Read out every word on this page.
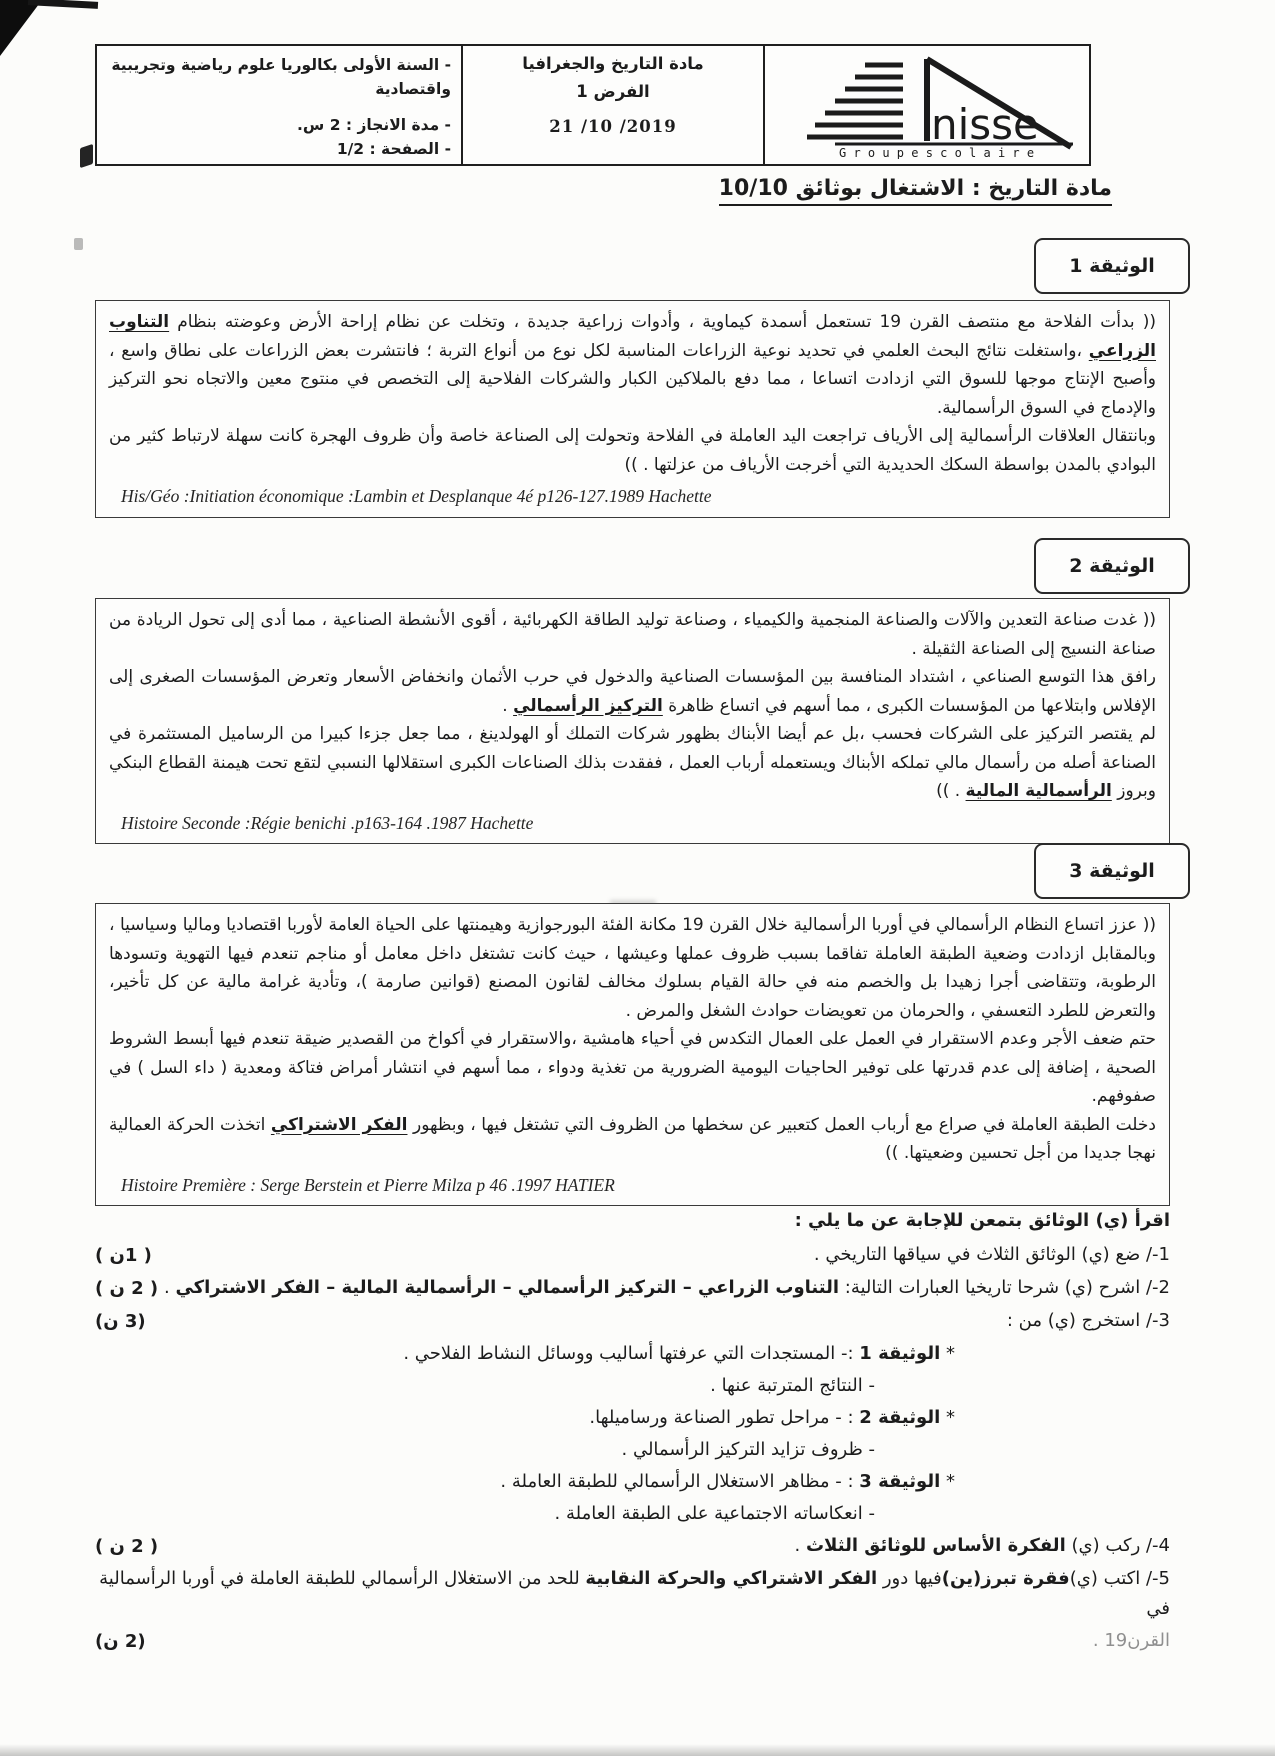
- السنة الأولى بكالوريا علوم رياضية وتجريبية واقتصادية
- مدة الانجاز : 2 س.
- الصفحة : 1/2
مادة التاريخ والجغرافيا
الفرض 1
2019/ 10/ 21	nisse
G r o u p e s c o l a i r e
مادة التاريخ : الاشتغال بوثائق 10/10
الوثيقة 1
(( بدأت الفلاحة مع منتصف القرن 19 تستعمل أسمدة كيماوية ، وأدوات زراعية جديدة ، وتخلت عن نظام إراحة الأرض وعوضته بنظام التناوب الزراعي ،واستغلت نتائج البحث العلمي في تحديد نوعية الزراعات المناسبة لكل نوع من أنواع التربة ؛ فانتشرت بعض الزراعات على نطاق واسع ، وأصبح الإنتاج موجها للسوق التي ازدادت اتساعا ، مما دفع بالملاكين الكبار والشركات الفلاحية إلى التخصص في منتوج معين والاتجاه نحو التركيز والإدماج في السوق الرأسمالية.
وبانتقال العلاقات الرأسمالية إلى الأرياف تراجعت اليد العاملة في الفلاحة وتحولت إلى الصناعة خاصة وأن ظروف الهجرة كانت سهلة لارتباط كثير من البوادي بالمدن بواسطة السكك الحديدية التي أخرجت الأرياف من عزلتها . ))
His/Géo :Initiation économique :Lambin et Desplanque 4é p126-127.1989 Hachette
الوثيقة 2
(( غدت صناعة التعدين والآلات والصناعة المنجمية والكيمياء ، وصناعة توليد الطاقة الكهربائية ، أقوى الأنشطة الصناعية ، مما أدى إلى تحول الريادة من صناعة النسيج إلى الصناعة الثقيلة .
رافق هذا التوسع الصناعي ، اشتداد المنافسة بين المؤسسات الصناعية والدخول في حرب الأثمان وانخفاض الأسعار وتعرض المؤسسات الصغرى إلى الإفلاس وابتلاعها من المؤسسات الكبرى ، مما أسهم في اتساع ظاهرة التركيز الرأسمالي .
لم يقتصر التركيز على الشركات فحسب ،بل عم أيضا الأبناك بظهور شركات التملك أو الهولدينغ ، مما جعل جزءا كبيرا من الرساميل المستثمرة في الصناعة أصله من رأسمال مالي تملكه الأبناك ويستعمله أرباب العمل ، ففقدت بذلك الصناعات الكبرى استقلالها النسبي لتقع تحت هيمنة القطاع البنكي وبروز الرأسمالية المالية . ))
Histoire Seconde :Régie benichi .p163-164 .1987 Hachette
الوثيقة 3
(( عزز اتساع النظام الرأسمالي في أوربا الرأسمالية خلال القرن 19 مكانة الفئة البورجوازية وهيمنتها على الحياة العامة لأوربا اقتصاديا وماليا وسياسيا ، وبالمقابل ازدادت وضعية الطبقة العاملة تفاقما بسبب ظروف عملها وعيشها ، حيث كانت تشتغل داخل معامل أو مناجم تنعدم فيها التهوية وتسودها الرطوبة، وتتقاضى أجرا زهيدا بل والخصم منه في حالة القيام بسلوك مخالف لقانون المصنع (قوانين صارمة )، وتأدية غرامة مالية عن كل تأخير، والتعرض للطرد التعسفي ، والحرمان من تعويضات حوادث الشغل والمرض .
حتم ضعف الأجر وعدم الاستقرار في العمل على العمال التكدس في أحياء هامشية ،والاستقرار في أكواخ من القصدير ضيقة تنعدم فيها أبسط الشروط الصحية ، إضافة إلى عدم قدرتها على توفير الحاجيات اليومية الضرورية من تغذية ودواء ، مما أسهم في انتشار أمراض فتاكة ومعدية ( داء السل ) في صفوفهم.
دخلت الطبقة العاملة في صراع مع أرباب العمل كتعبير عن سخطها من الظروف التي تشتغل فيها ، وبظهور الفكر الاشتراكي اتخذت الحركة العمالية نهجا جديدا من أجل تحسين وضعيتها. ))
Histoire Première : Serge Berstein et Pierre Milza p 46 .1997 HATIER
اقرأ (ي) الوثائق بتمعن للإجابة عن ما يلي :
1-/ ضع (ي) الوثائق الثلاث في سياقها التاريخي .
( 1ن )
2-/ اشرح (ي) شرحا تاريخيا العبارات التالية: التناوب الزراعي – التركيز الرأسمالي – الرأسمالية المالية – الفكر الاشتراكي .
( 2 ن )
3-/ استخرج (ي) من :
(3 ن)
* الوثيقة 1 :- المستجدات التي عرفتها أساليب ووسائل النشاط الفلاحي .
- النتائج المترتبة عنها .
* الوثيقة 2 : - مراحل تطور الصناعة ورساميلها.
- ظروف تزايد التركيز الرأسمالي .
* الوثيقة 3 : - مظاهر الاستغلال الرأسمالي للطبقة العاملة .
- انعكاساته الاجتماعية على الطبقة العاملة .
4-/ ركب (ي) الفكرة الأساس للوثائق الثلاث .
( 2 ن )
5-/ اكتب (ي)فقرة تبرز(ين)فيها دور الفكر الاشتراكي والحركة النقابية للحد من الاستغلال الرأسمالي للطبقة العاملة في أوربا الرأسمالية في
القرن19 .
(2 ن)
